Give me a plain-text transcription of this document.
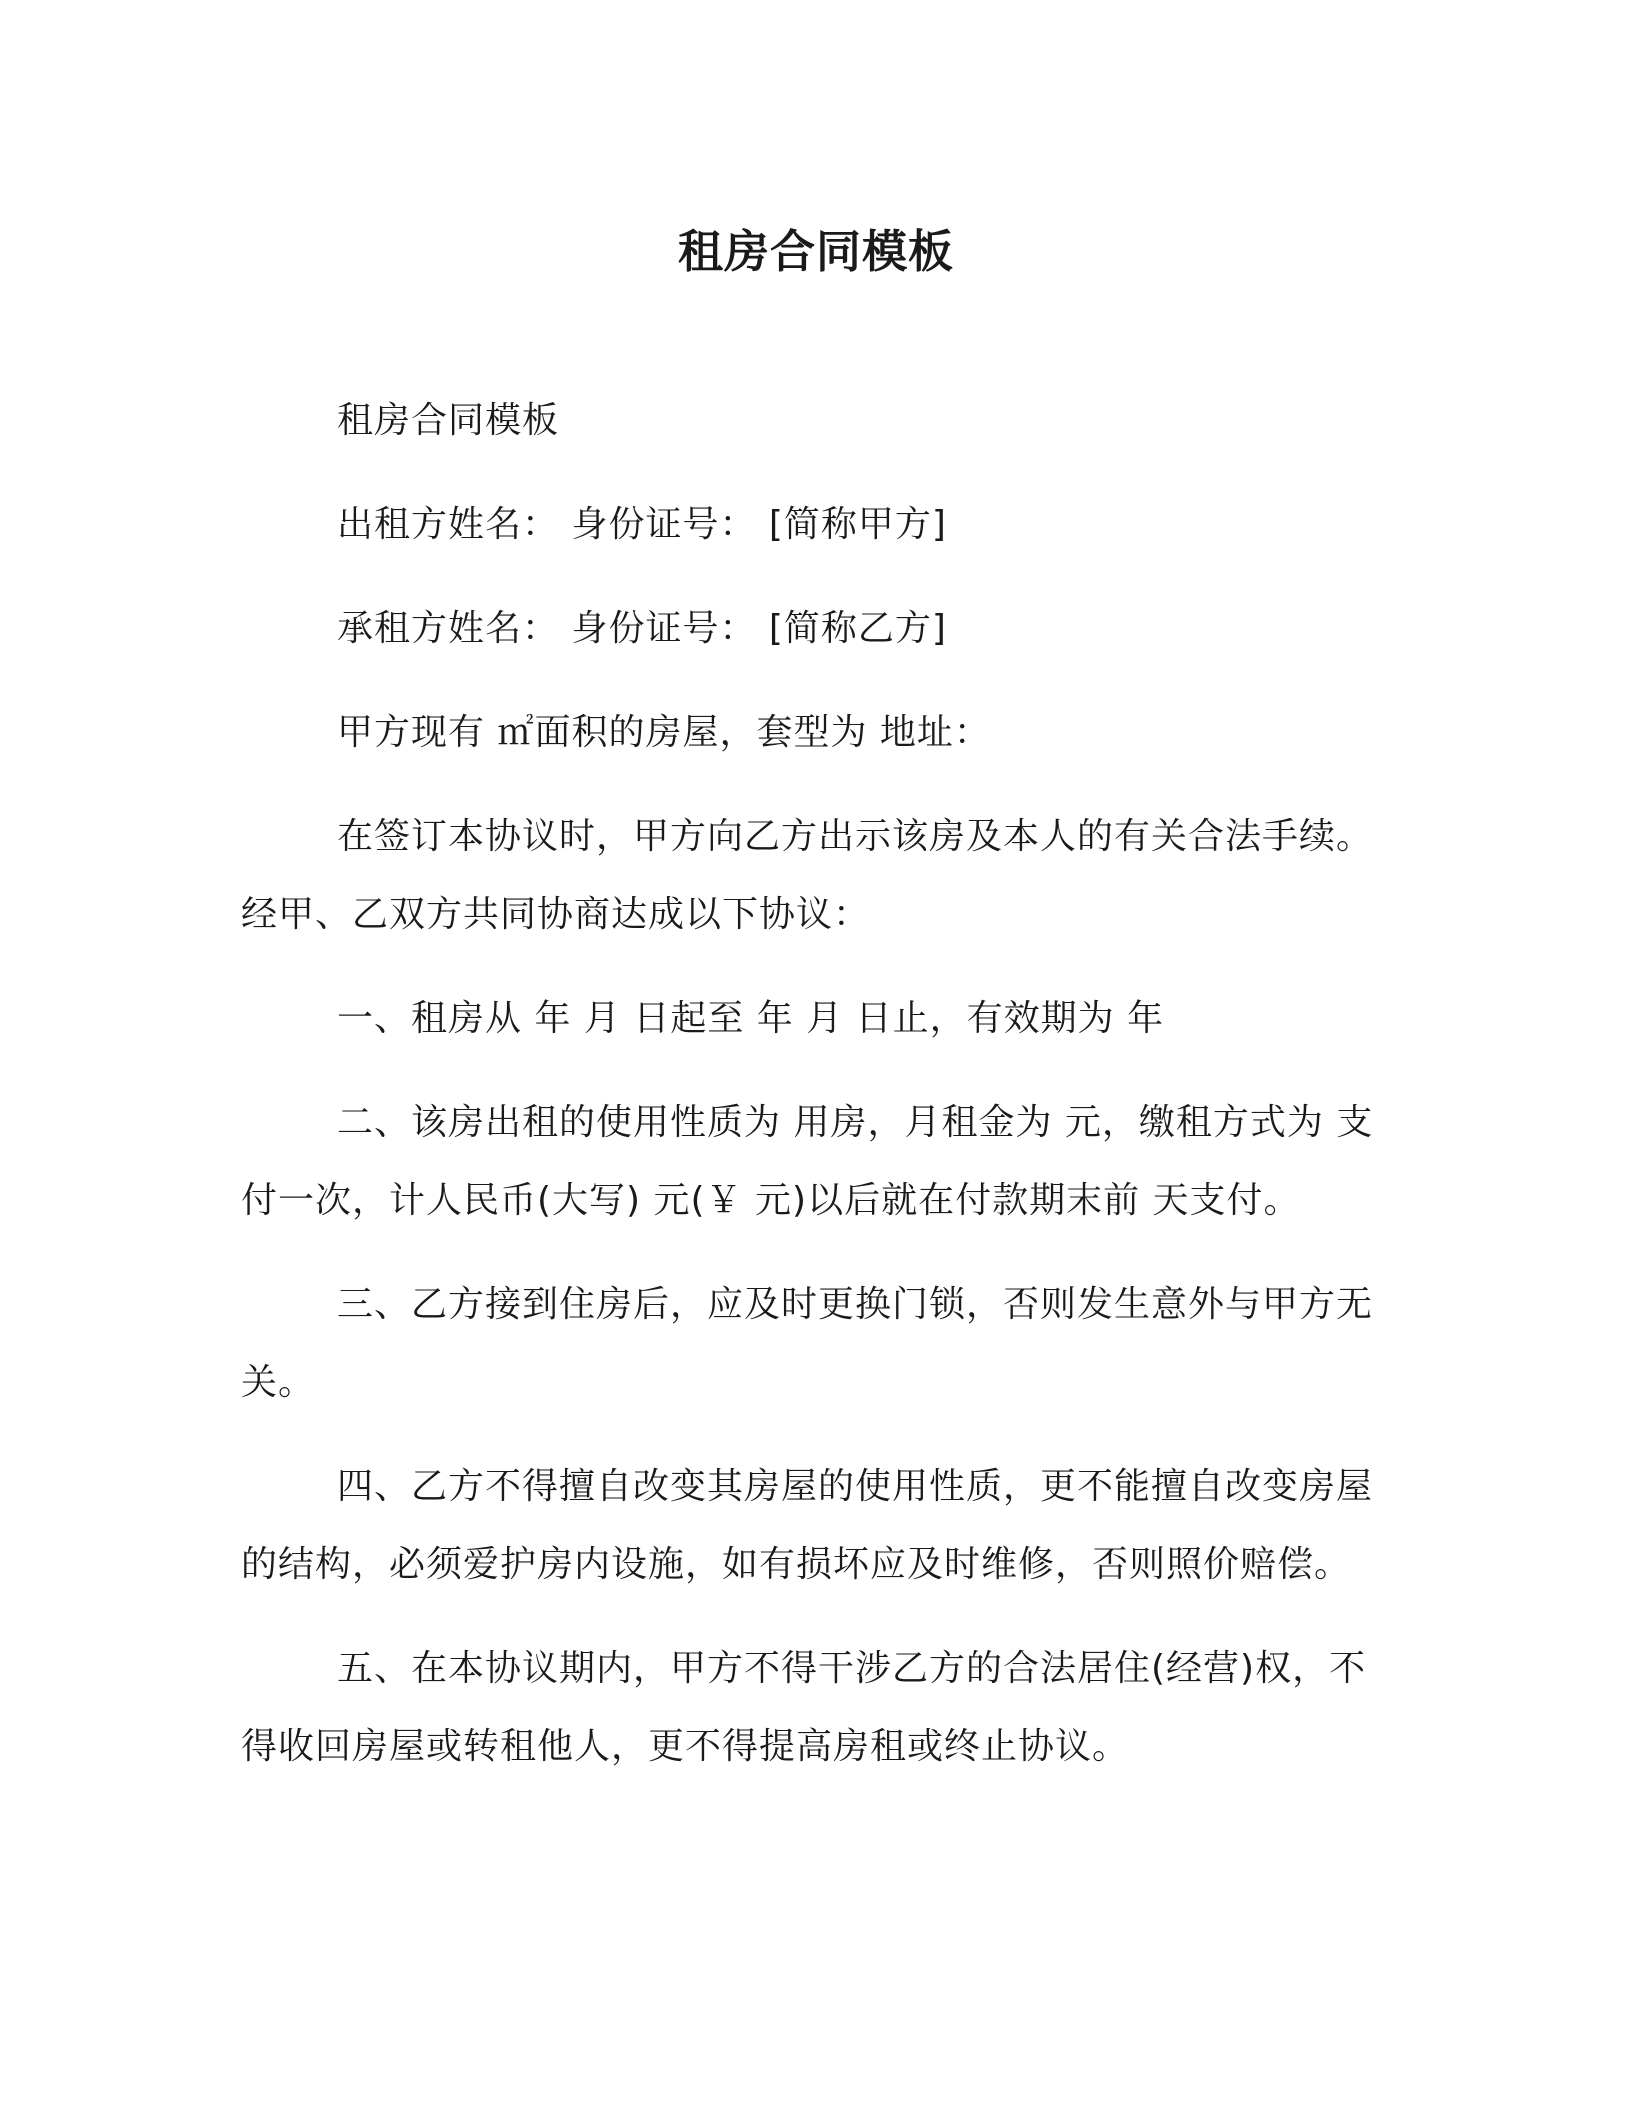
租房合同模板

租房合同模板

出租方姓名： 身份证号： [简称甲方]

承租方姓名： 身份证号： [简称乙方]

甲方现有 ㎡面积的房屋，套型为 地址：

在签订本协议时，甲方向乙方出示该房及本人的有关合法手续。经甲、乙双方共同协商达成以下协议：

一、租房从 年 月 日起至 年 月 日止，有效期为 年

二、该房出租的使用性质为 用房，月租金为 元，缴租方式为 支付一次，计人民币(大写) 元(￥ 元)以后就在付款期末前 天支付。

三、乙方接到住房后，应及时更换门锁，否则发生意外与甲方无关。

四、乙方不得擅自改变其房屋的使用性质，更不能擅自改变房屋的结构，必须爱护房内设施，如有损坏应及时维修，否则照价赔偿。

五、在本协议期内，甲方不得干涉乙方的合法居住(经营)权，不得收回房屋或转租他人，更不得提高房租或终止协议。
